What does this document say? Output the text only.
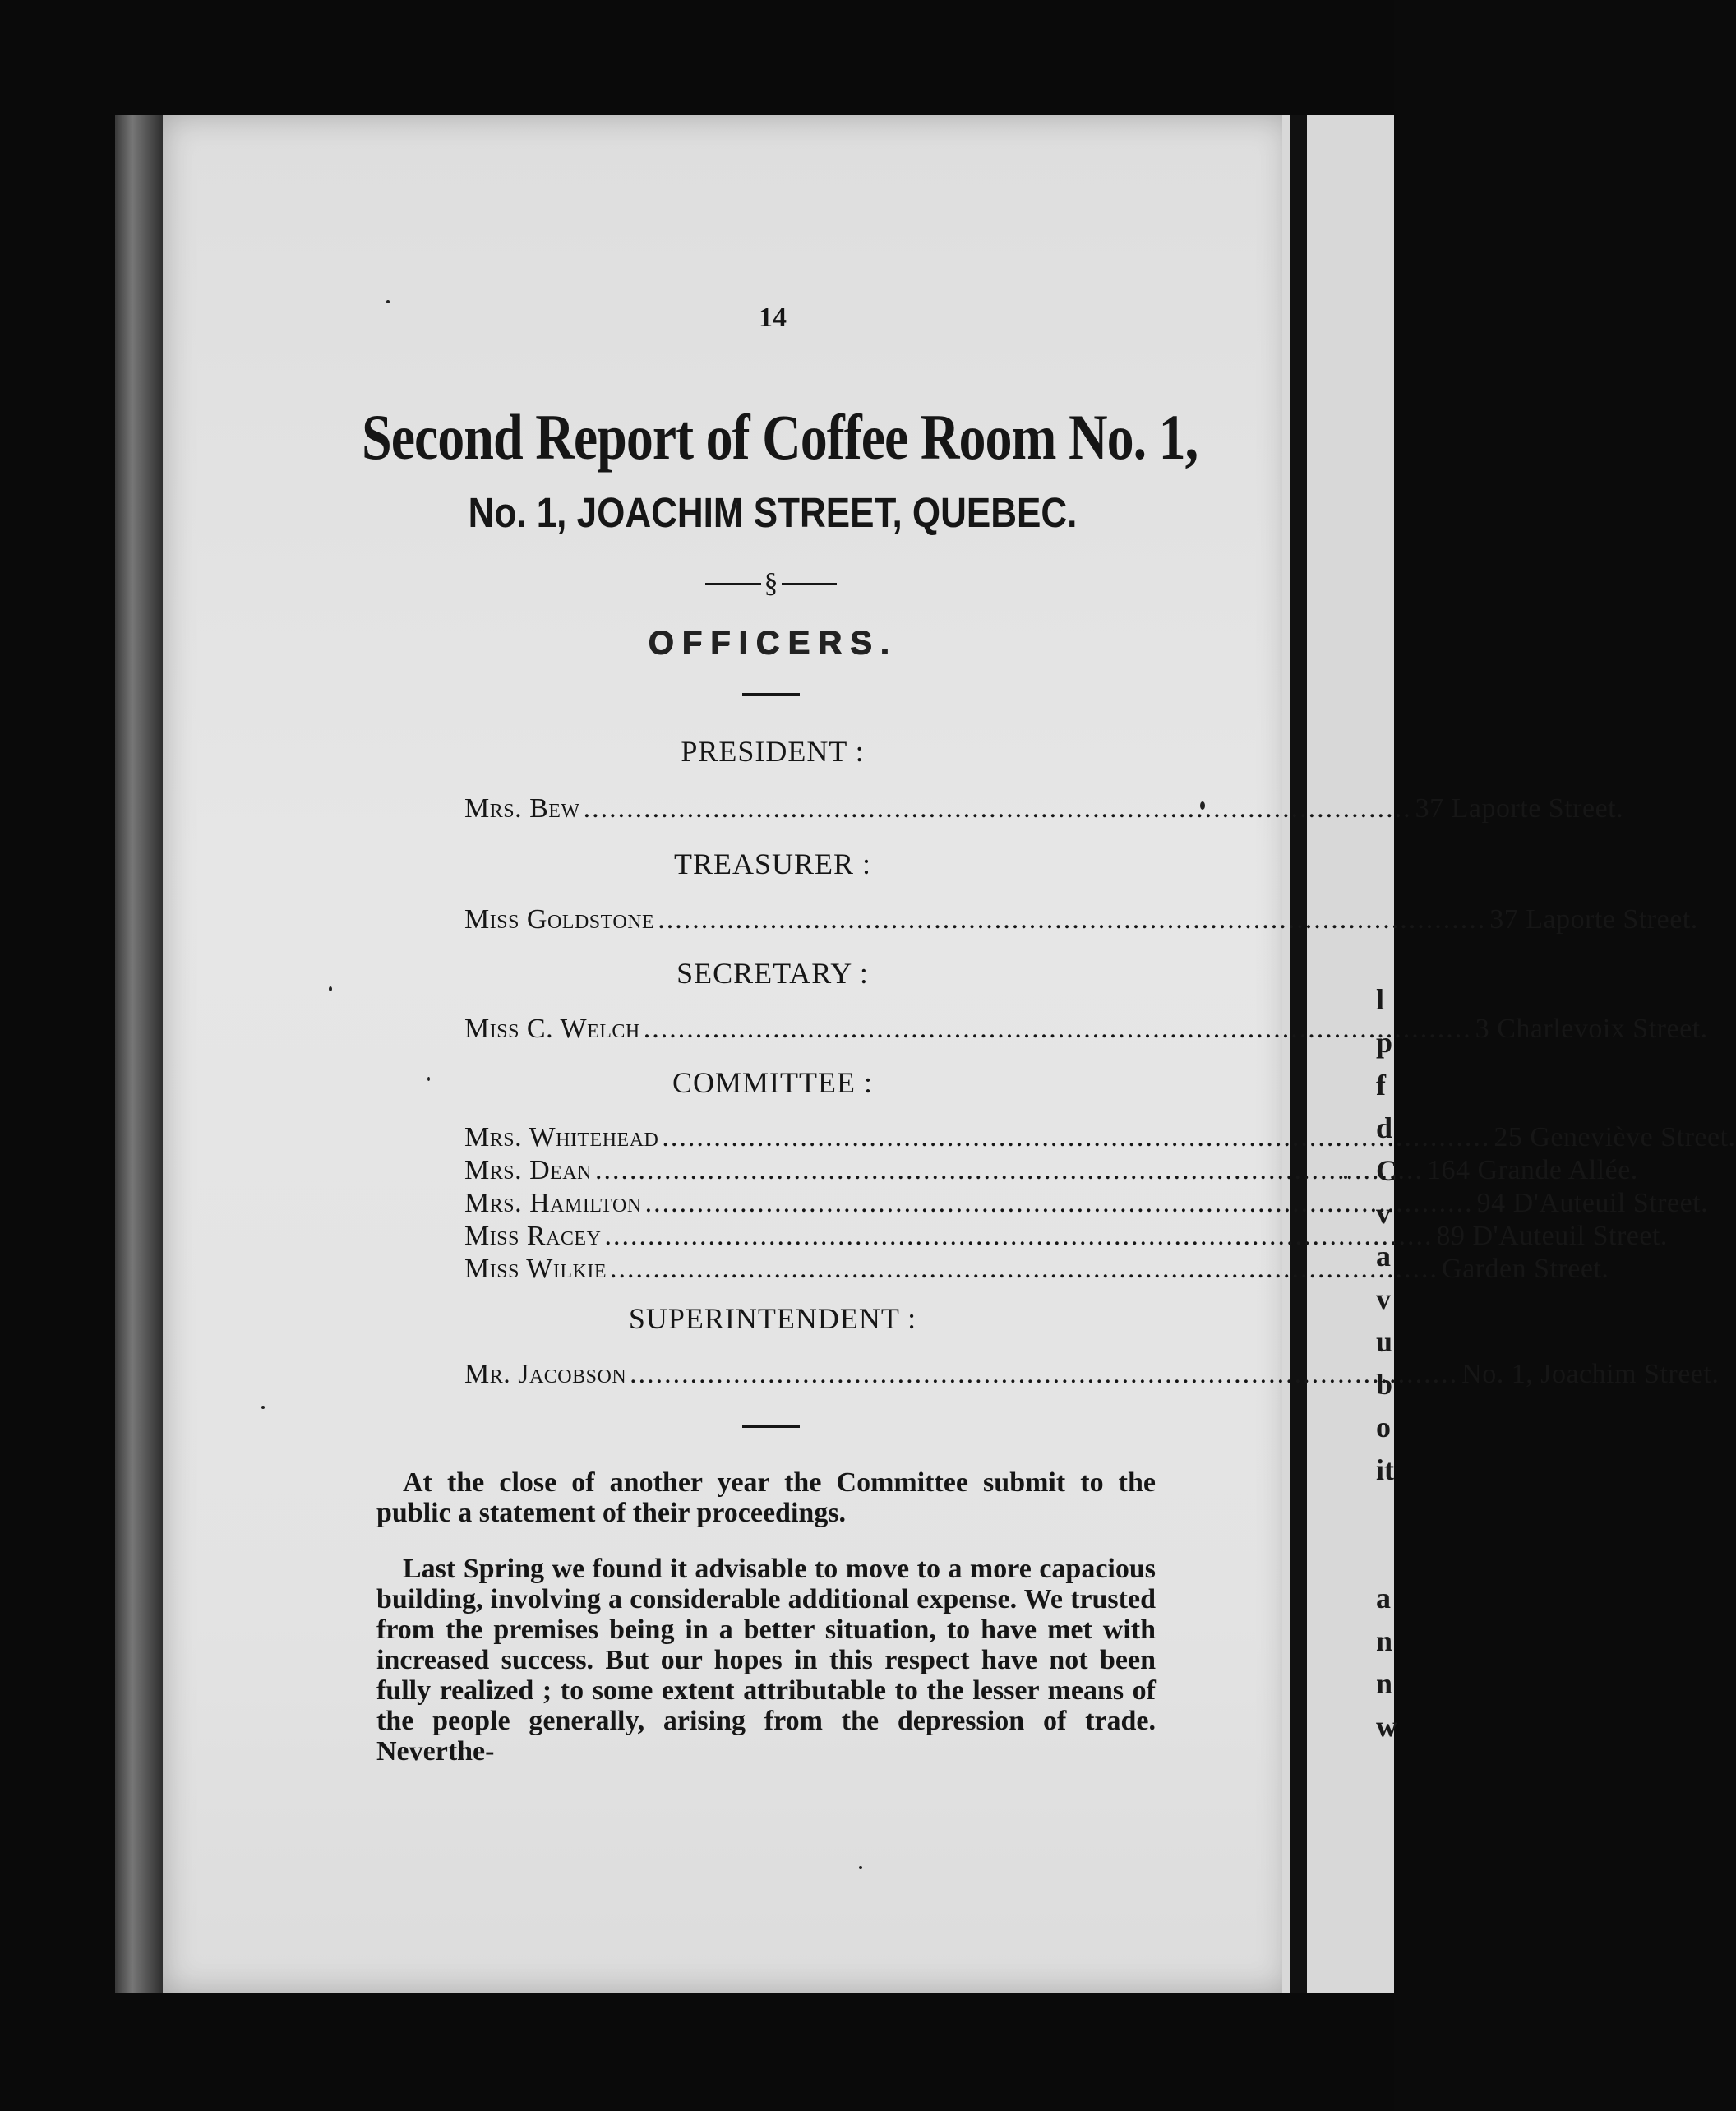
l
p
f
d
C
v
a
v
u
b
o
it
a
n
n
w
14
Second Report of Coffee Room No. 1,
No. 1, JOACHIM STREET, QUEBEC.
§
OFFICERS.
PRESIDENT :
Mrs. Bew .....	37 Laporte Street.
TREASURER :
Miss Goldstone .....	37 Laporte Street.
SECRETARY :
Miss C. Welch .....	3 Charlevoix Street.
COMMITTEE :
Mrs. Whitehead .....	25 Geneviève Street.
Mrs. Dean .....	164 Grande Allée.
Mrs. Hamilton .....	94 D'Auteuil Street.
Miss Racey .....	89 D'Auteuil Street.
Miss Wilkie .....	Garden Street.
SUPERINTENDENT :
Mr. Jacobson .....	No. 1, Joachim Street.
At the close of another year the Committee submit to the public a statement of their proceedings.
Last Spring we found it advisable to move to a more capacious building, involving a considerable additional expense. We trusted from the premises being in a better situation, to have met with increased success. But our hopes in this respect have not been fully realized ; to some extent attributable to the lesser means of the people generally, arising from the depression of trade. Neverthe-
